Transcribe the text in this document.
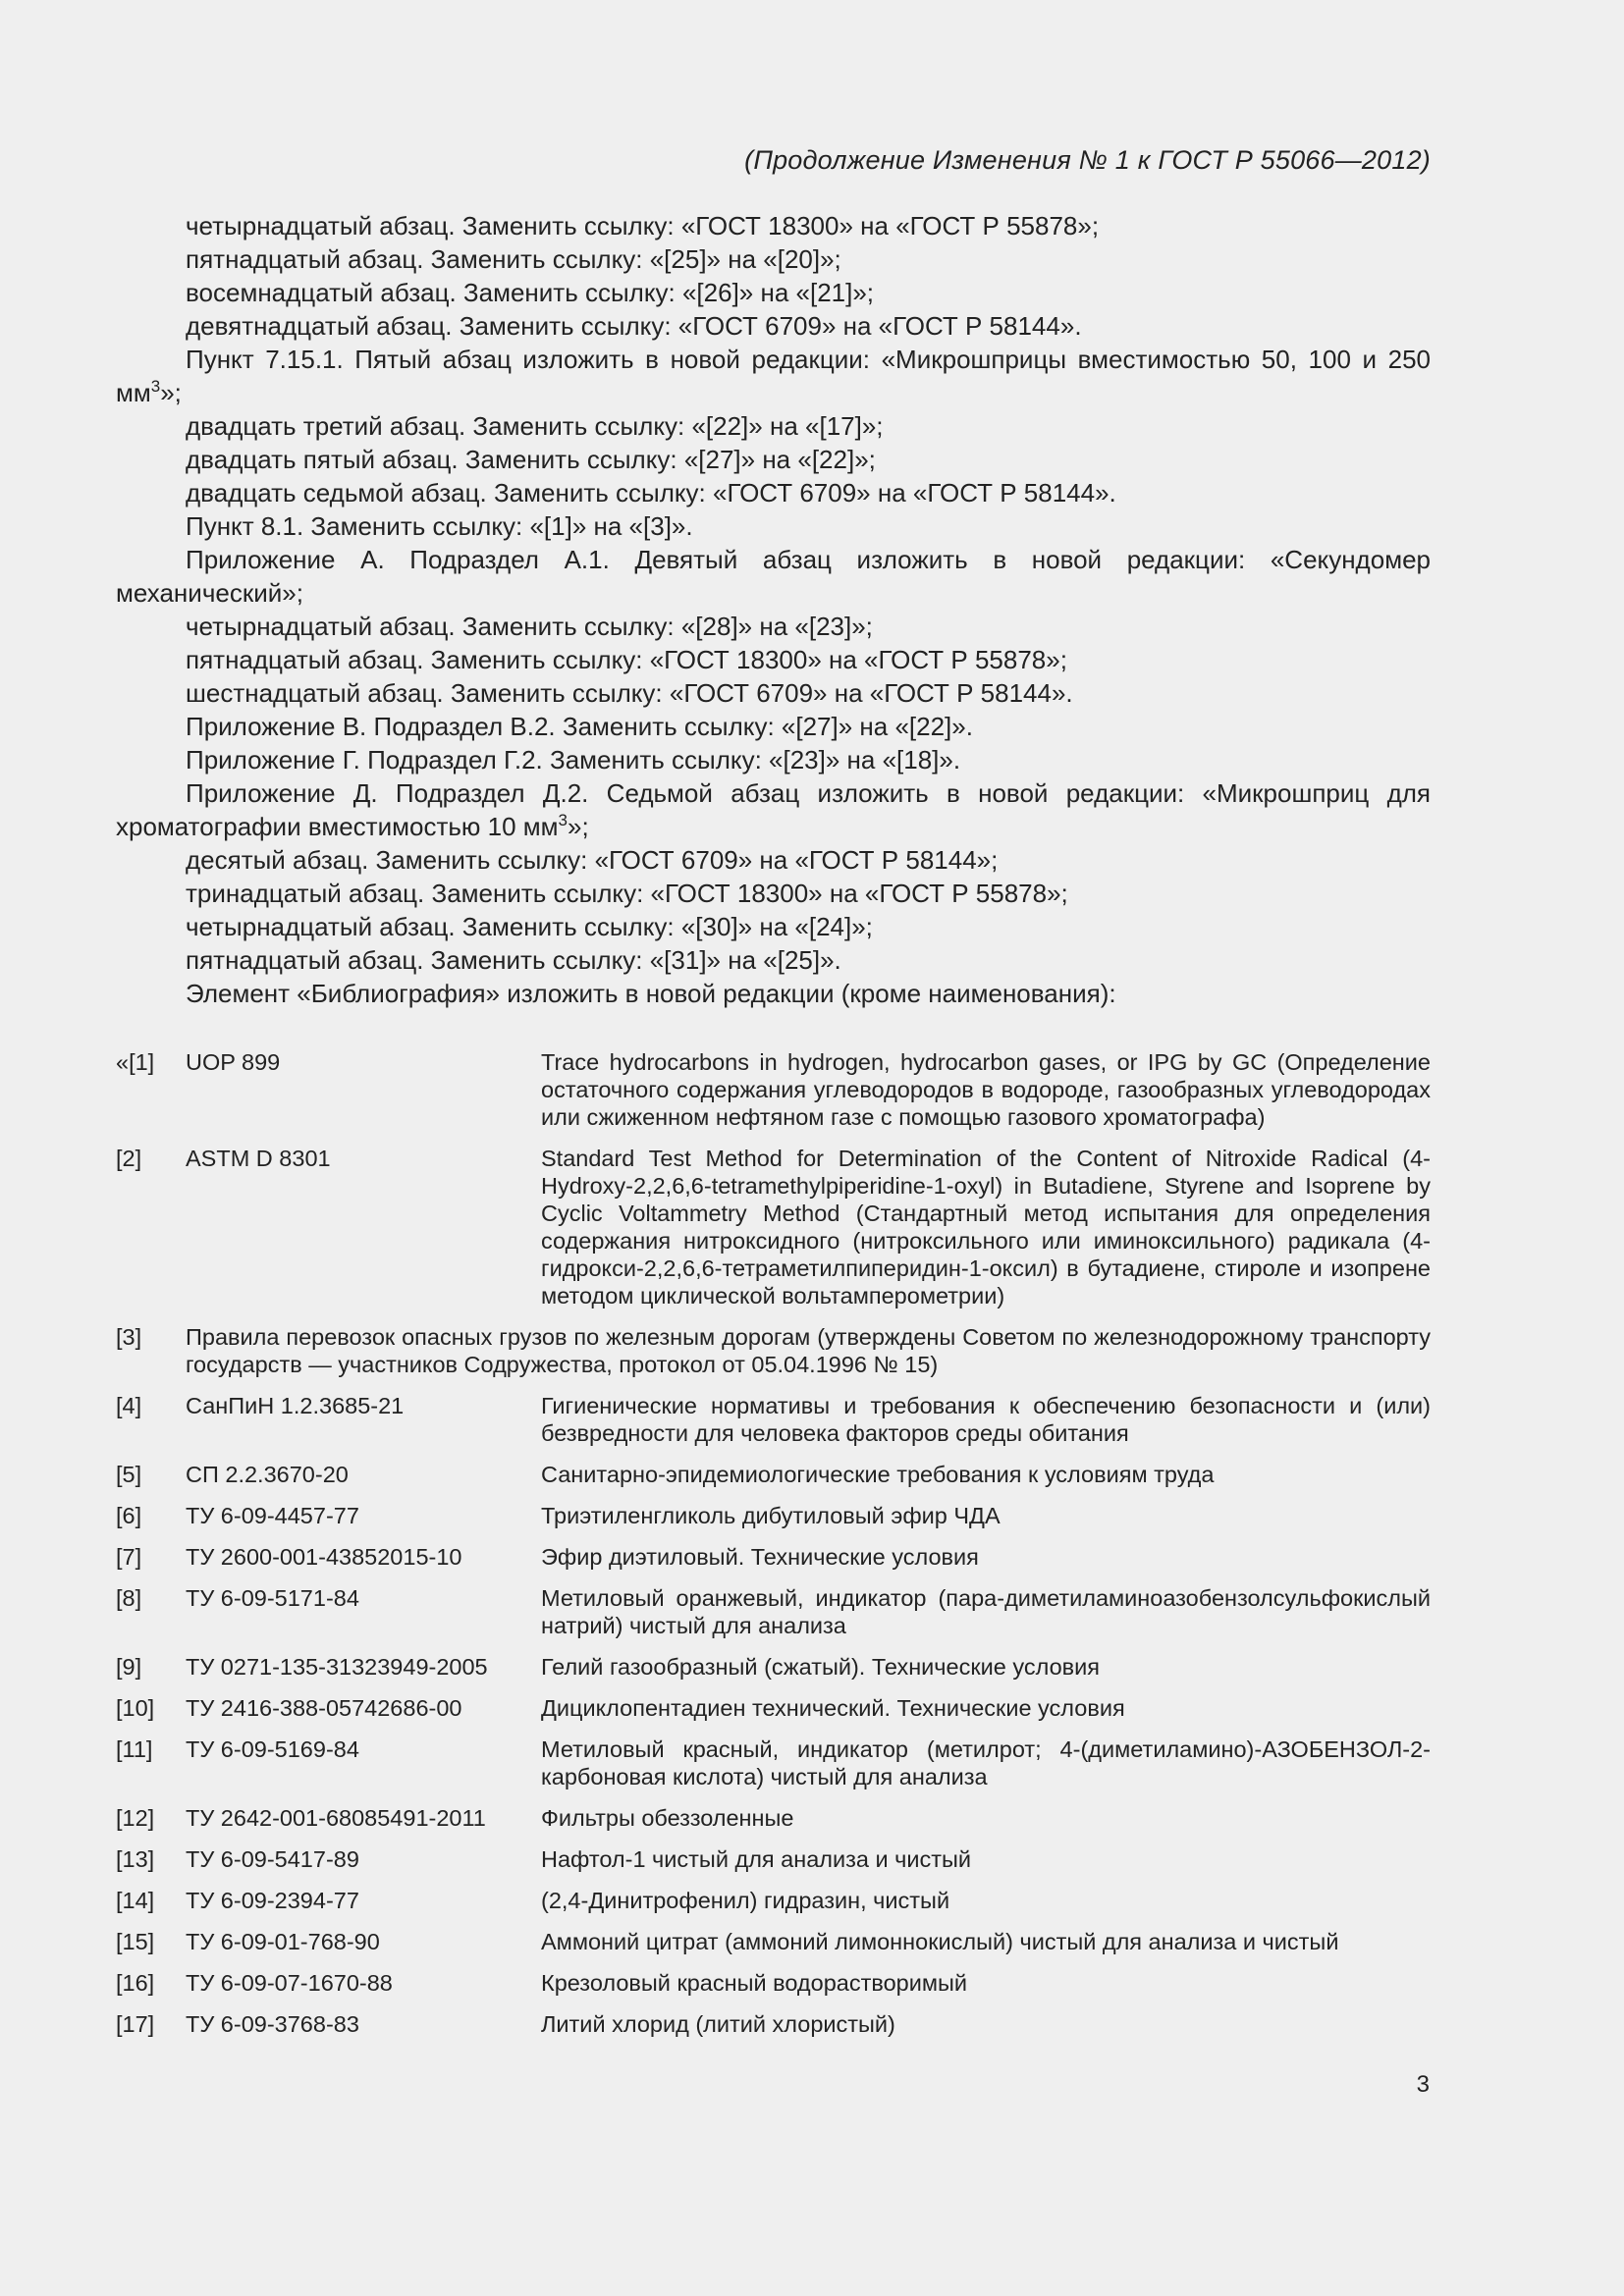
(Продолжение Изменения № 1 к ГОСТ Р 55066—2012)
четырнадцатый абзац. Заменить ссылку: «ГОСТ 18300» на «ГОСТ Р 55878»;
пятнадцатый абзац. Заменить ссылку: «[25]» на «[20]»;
восемнадцатый абзац. Заменить ссылку: «[26]» на «[21]»;
девятнадцатый абзац. Заменить ссылку: «ГОСТ 6709» на «ГОСТ Р 58144».
Пункт 7.15.1. Пятый абзац изложить в новой редакции: «Микрошприцы вместимостью 50, 100 и 250 $мм^3$»;
двадцать третий абзац. Заменить ссылку: «[22]» на «[17]»;
двадцать пятый абзац. Заменить ссылку: «[27]» на «[22]»;
двадцать седьмой абзац. Заменить ссылку: «ГОСТ 6709» на «ГОСТ Р 58144».
Пункт 8.1. Заменить ссылку: «[1]» на «[3]».
Приложение А. Подраздел А.1. Девятый абзац изложить в новой редакции: «Секундомер механический»;
четырнадцатый абзац. Заменить ссылку: «[28]» на «[23]»;
пятнадцатый абзац. Заменить ссылку: «ГОСТ 18300» на «ГОСТ Р 55878»;
шестнадцатый абзац. Заменить ссылку: «ГОСТ 6709» на «ГОСТ Р 58144».
Приложение В. Подраздел В.2. Заменить ссылку: «[27]» на «[22]».
Приложение Г. Подраздел Г.2. Заменить ссылку: «[23]» на «[18]».
Приложение Д. Подраздел Д.2. Седьмой абзац изложить в новой редакции: «Микрошприц для хроматографии вместимостью 10 $мм^3$»;
десятый абзац. Заменить ссылку: «ГОСТ 6709» на «ГОСТ Р 58144»;
тринадцатый абзац. Заменить ссылку: «ГОСТ 18300» на «ГОСТ Р 55878»;
четырнадцатый абзац. Заменить ссылку: «[30]» на «[24]»;
пятнадцатый абзац. Заменить ссылку: «[31]» на «[25]».
Элемент «Библиография» изложить в новой редакции (кроме наименования):
«[1]	UOP 899	Trace hydrocarbons in hydrogen, hydrocarbon gases, or IPG by GC (Определение остаточного содержания углеводородов в водороде, газообразных углеводородах или сжиженном нефтяном газе с помощью газового хроматографа)
[2]	ASTM D 8301	Standard Test Method for Determination of the Content of Nitroxide Radical (4-Hydroxy-2,2,6,6-tetramethylpiperidine-1-oxyl) in Butadiene, Styrene and Isoprene by Cyclic Voltammetry Method (Стандартный метод испытания для определения содержания нитроксидного (нитроксильного или иминоксильного) радикала (4-гидрокси-2,2,6,6-тетраметилпиперидин-1-оксил) в бутадиене, стироле и изопрене методом циклической вольтамперометрии)
[3]	Правила перевозок опасных грузов по железным дорогам (утверждены Советом по железнодорожному транспорту государств — участников Содружества, протокол от 05.04.1996 № 15)
[4]	СанПиН 1.2.3685-21	Гигиенические нормативы и требования к обеспечению безопасности и (или) безвредности для человека факторов среды обитания
[5]	СП 2.2.3670-20	Санитарно-эпидемиологические требования к условиям труда
[6]	ТУ 6-09-4457-77	Триэтиленгликоль дибутиловый эфир ЧДА
[7]	ТУ 2600-001-43852015-10	Эфир диэтиловый. Технические условия
[8]	ТУ 6-09-5171-84	Метиловый оранжевый, индикатор (пара-диметиламиноазобензолсульфокислый натрий) чистый для анализа
[9]	ТУ 0271-135-31323949-2005	Гелий газообразный (сжатый). Технические условия
[10]	ТУ 2416-388-05742686-00	Дициклопентадиен технический. Технические условия
[11]	ТУ 6-09-5169-84	Метиловый красный, индикатор (метилрот; 4-(диметиламино)-АЗОБЕНЗОЛ-2-карбоновая кислота) чистый для анализа
[12]	ТУ 2642-001-68085491-2011	Фильтры обеззоленные
[13]	ТУ 6-09-5417-89	Нафтол-1 чистый для анализа и чистый
[14]	ТУ 6-09-2394-77	(2,4-Динитрофенил) гидразин, чистый
[15]	ТУ 6-09-01-768-90	Аммоний цитрат (аммоний лимоннокислый) чистый для анализа и чистый
[16]	ТУ 6-09-07-1670-88	Крезоловый красный водорастворимый
[17]	ТУ 6-09-3768-83	Литий хлорид (литий хлористый)
3
